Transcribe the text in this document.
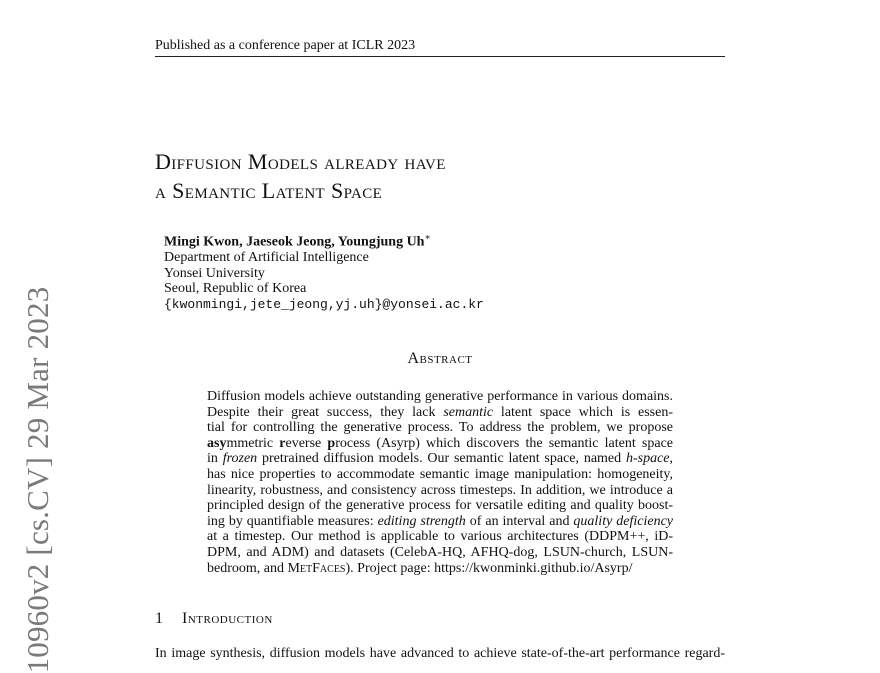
Published as a conference paper at ICLR 2023
10960v2 [cs.CV] 29 Mar 2023
Diffusion Models already have
a Semantic Latent Space
Mingi Kwon, Jaeseok Jeong, Youngjung Uh∗
Department of Artificial Intelligence
Yonsei University
Seoul, Republic of Korea
{kwonmingi,jete_jeong,yj.uh}@yonsei.ac.kr
Abstract
Diffusion models achieve outstanding generative performance in various domains.
Despite their great success, they lack semantic latent space which is essen-
tial for controlling the generative process. To address the problem, we propose
asymmetric reverse process (Asyrp) which discovers the semantic latent space
in frozen pretrained diffusion models. Our semantic latent space, named h-space,
has nice properties to accommodate semantic image manipulation: homogeneity,
linearity, robustness, and consistency across timesteps. In addition, we introduce a
principled design of the generative process for versatile editing and quality boost-
ing by quantifiable measures: editing strength of an interval and quality deficiency
at a timestep. Our method is applicable to various architectures (DDPM++, iD-
DPM, and ADM) and datasets (CelebA-HQ, AFHQ-dog, LSUN-church, LSUN-
bedroom, and MetFaces). Project page: https://kwonminki.github.io/Asyrp/
1 Introduction
In image synthesis, diffusion models have advanced to achieve state-of-the-art performance regard-
